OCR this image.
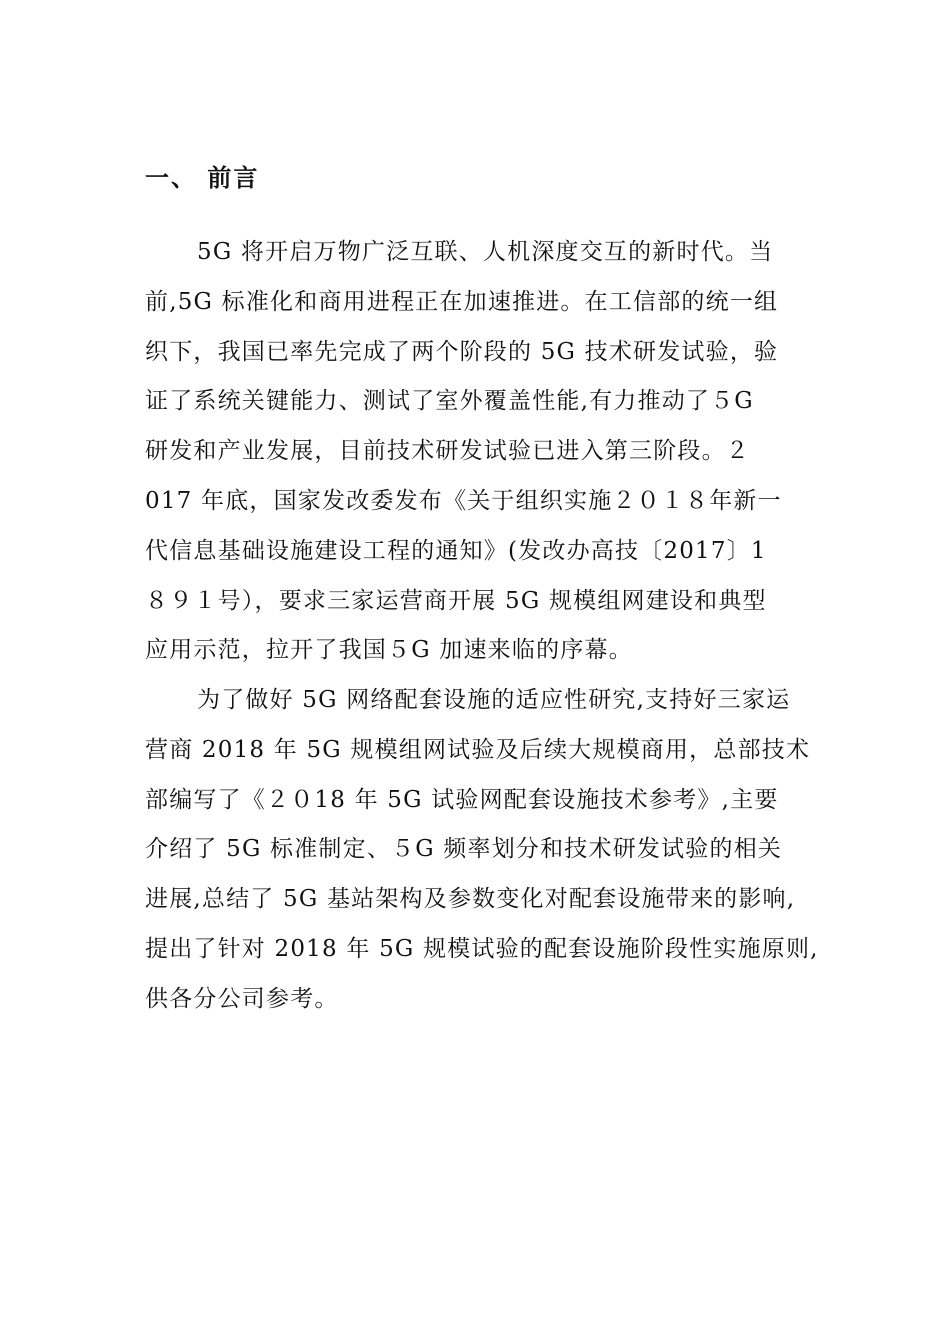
一、 前言
5G 将开启万物广泛互联、人机深度交互的新时代。当
前,5G 标准化和商用进程正在加速推进。在工信部的统一组
织下，我国已率先完成了两个阶段的 5G 技术研发试验，验
证了系统关键能力、测试了室外覆盖性能,有力推动了５G
研发和产业发展，目前技术研发试验已进入第三阶段。２
017 年底，国家发改委发布《关于组织实施２０１８年新一
代信息基础设施建设工程的通知》(发改办高技〔2017〕1
８９１号），要求三家运营商开展 5G 规模组网建设和典型
应用示范，拉开了我国５G 加速来临的序幕。
为了做好 5G 网络配套设施的适应性研究,支持好三家运
营商 2018 年 5G 规模组网试验及后续大规模商用，总部技术
部编写了《２０18 年 5G 试验网配套设施技术参考》,主要
介绍了 5G 标准制定、５G 频率划分和技术研发试验的相关
进展,总结了 5G 基站架构及参数变化对配套设施带来的影响,
提出了针对 2018 年 5G 规模试验的配套设施阶段性实施原则,
供各分公司参考。
